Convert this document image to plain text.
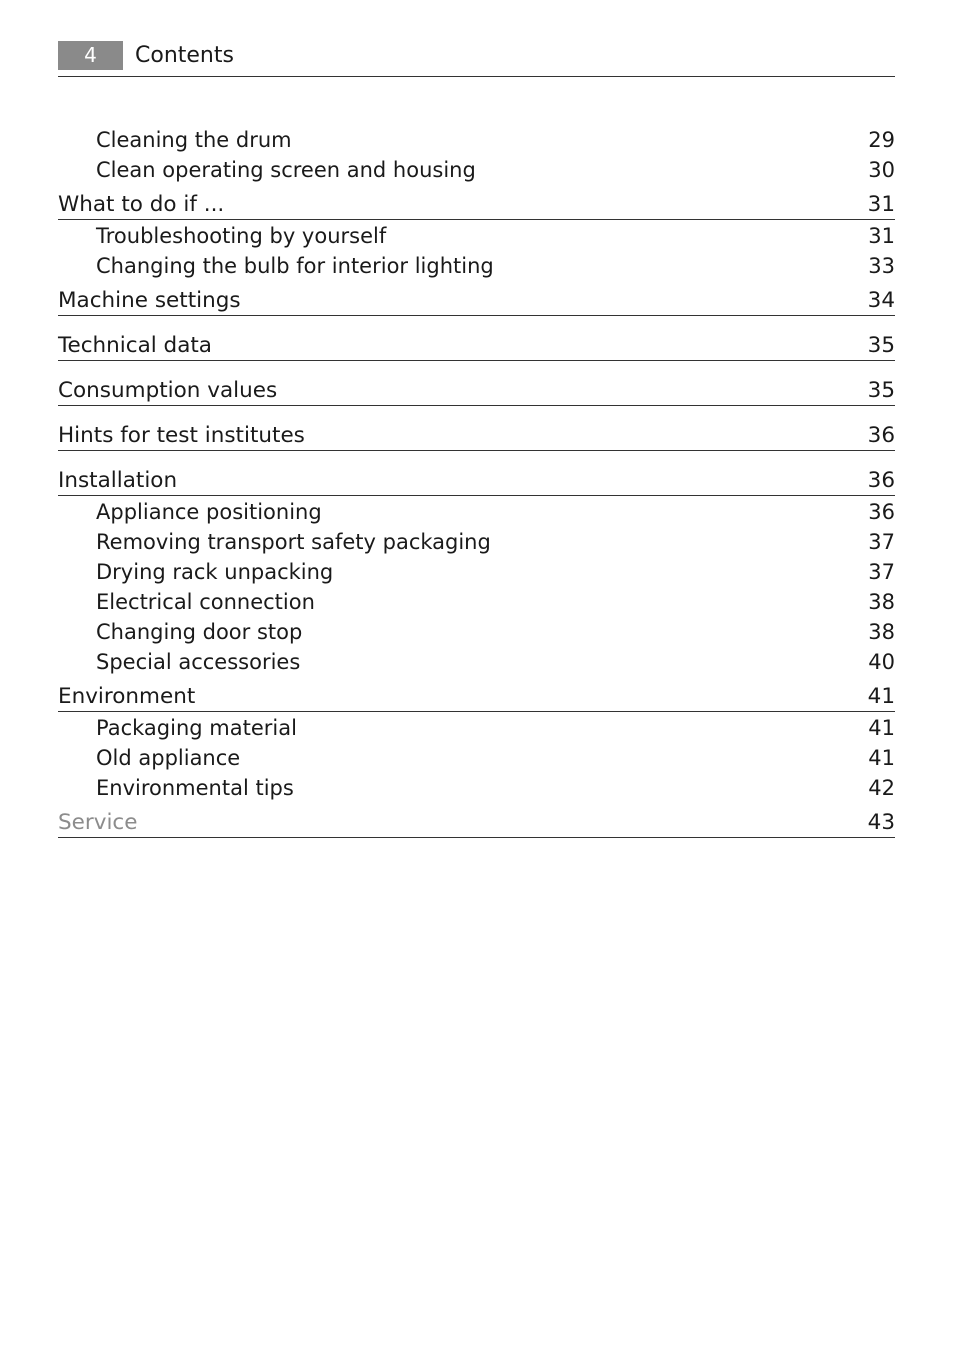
4	Contents
Cleaning the drum	29
Clean operating screen and housing	30
What to do if ...	31
Troubleshooting by yourself	31
Changing the bulb for interior lighting	33
Machine settings	34
Technical data	35
Consumption values	35
Hints for test institutes	36
Installation	36
Appliance positioning	36
Removing transport safety packaging	37
Drying rack unpacking	37
Electrical connection	38
Changing door stop	38
Special accessories	40
Environment	41
Packaging material	41
Old appliance	41
Environmental tips	42
Service	43
